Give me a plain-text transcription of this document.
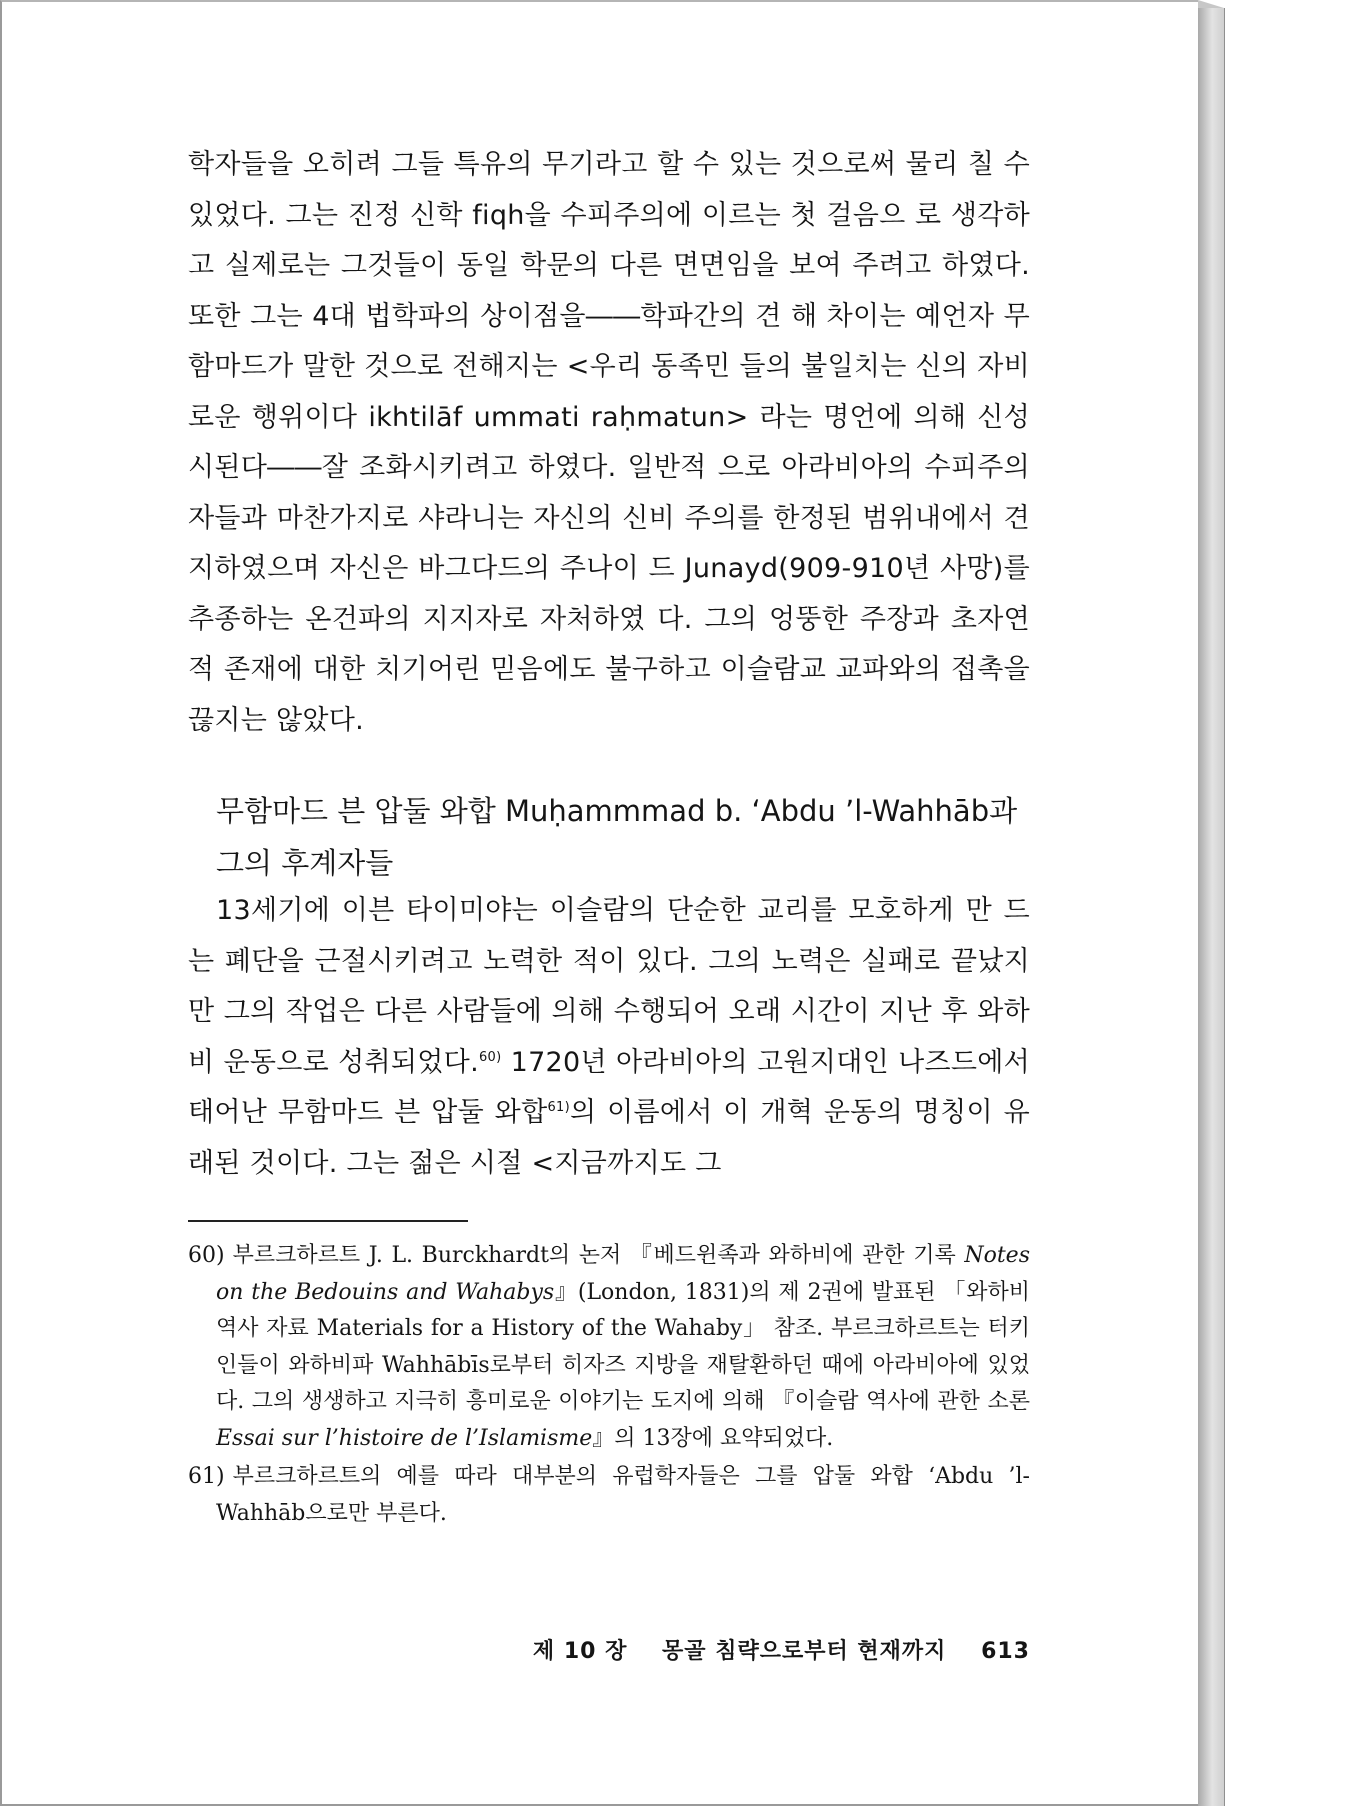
학자들을 오히려 그들 특유의 무기라고 할 수 있는 것으로써 물리 칠 수 있었다. 그는 진정 신학 fiqh을 수피주의에 이르는 첫 걸음으 로 생각하고 실제로는 그것들이 동일 학문의 다른 면면임을 보여 주려고 하였다. 또한 그는 4대 법학파의 상이점을――학파간의 견 해 차이는 예언자 무함마드가 말한 것으로 전해지는 <우리 동족민 들의 불일치는 신의 자비로운 행위이다 ikhtilāf ummati raḥmatun> 라는 명언에 의해 신성시된다――잘 조화시키려고 하였다. 일반적 으로 아라비아의 수피주의자들과 마찬가지로 샤라니는 자신의 신비 주의를 한정된 범위내에서 견지하였으며 자신은 바그다드의 주나이 드 Junayd(909-910년 사망)를 추종하는 온건파의 지지자로 자처하였 다. 그의 엉뚱한 주장과 초자연적 존재에 대한 치기어린 믿음에도 불구하고 이슬람교 교파와의 접촉을 끊지는 않았다.

무함마드 븐 압둘 와합 Muḥammmad b. ‘Abdu ’l-Wahhāb과 그의 후계자들

13세기에 이븐 타이미야는 이슬람의 단순한 교리를 모호하게 만 드는 폐단을 근절시키려고 노력한 적이 있다. 그의 노력은 실패로 끝났지만 그의 작업은 다른 사람들에 의해 수행되어 오래 시간이 지난 후 와하비 운동으로 성취되었다.$^{60)}$ 1720년 아라비아의 고원지대인 나즈드에서 태어난 무함마드 븐 압둘 와합$^{61)}$의 이름에서 이 개혁 운동의 명칭이 유래된 것이다. 그는 젊은 시절 <지금까지도 그

60) 부르크하르트 J. L. Burckhardt의 논저 『베드윈족과 와하비에 관한 기록 Notes on the Bedouins and Wahabys』(London, 1831)의 제 2권에 발표된 「와하비 역사 자료 Materials for a History of the Wahaby」 참조. 부르크하르트는 터키인들이 와하비파 Wahhābīs로부터 히자즈 지방을 재탈환하던 때에 아라비아에 있었다. 그의 생생하고 지극히 흥미로운 이야기는 도지에 의해 『이슬람 역사에 관한 소론 Essai sur l’histoire de l’Islamisme』의 13장에 요약되었다.

61) 부르크하르트의 예를 따라 대부분의 유럽학자들은 그를 압둘 와합 ‘Abdu ’l-Wahhāb으로만 부른다.

제 10 장 몽골 침략으로부터 현재까지 613
